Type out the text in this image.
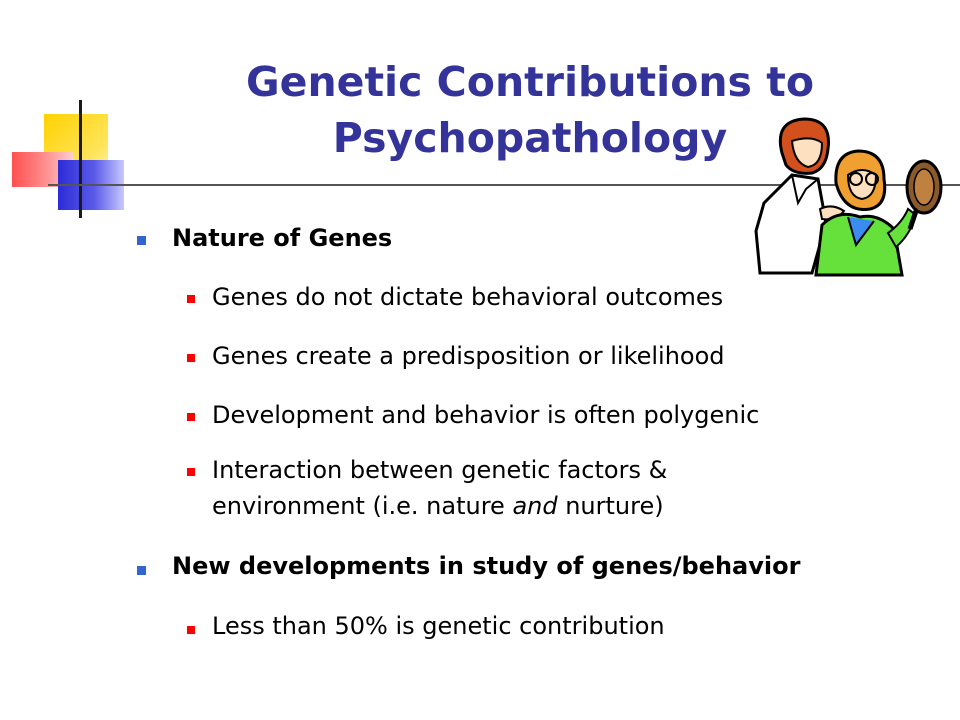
Genetic Contributions to
Psychopathology
Nature of Genes
Genes do not dictate behavioral outcomes
Genes create a predisposition or likelihood
Development and behavior is often polygenic
Interaction between genetic factors &
environment (i.e. nature and nurture)
New developments in study of genes/behavior
Less than 50% is genetic contribution
